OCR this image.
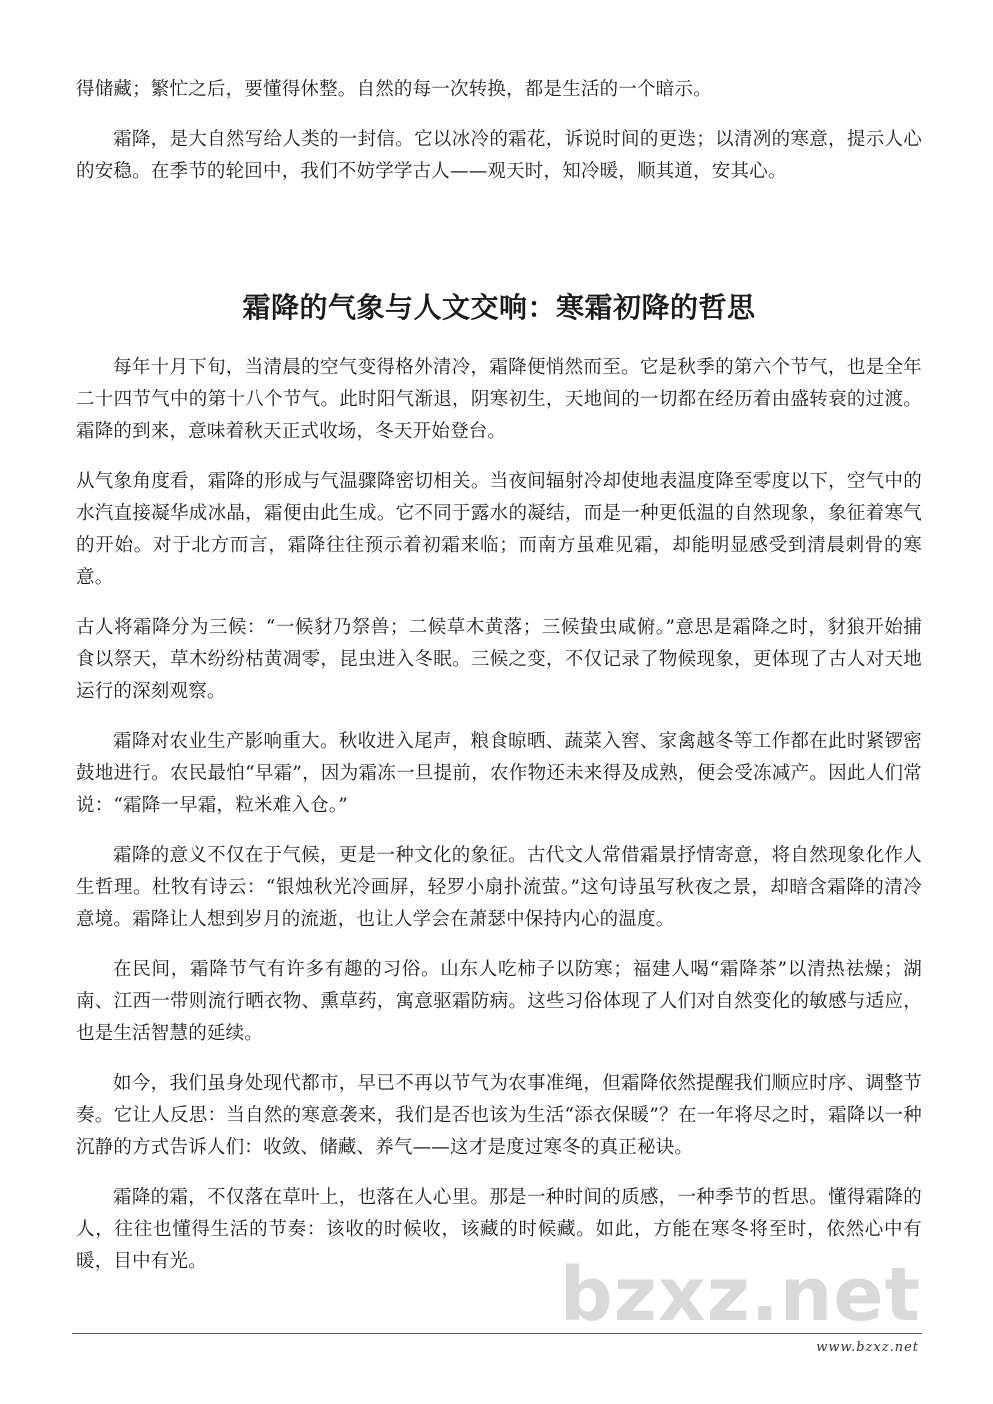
得储藏；繁忙之后，要懂得休整。自然的每一次转换，都是生活的一个暗示。

霜降，是大自然写给人类的一封信。它以冰冷的霜花，诉说时间的更迭；以清冽的寒意，提示人心的安稳。在季节的轮回中，我们不妨学学古人——观天时，知冷暖，顺其道，安其心。

霜降的气象与人文交响：寒霜初降的哲思

每年十月下旬，当清晨的空气变得格外清冷，霜降便悄然而至。它是秋季的第六个节气，也是全年二十四节气中的第十八个节气。此时阳气渐退，阴寒初生，天地间的一切都在经历着由盛转衰的过渡。霜降的到来，意味着秋天正式收场，冬天开始登台。

从气象角度看，霜降的形成与气温骤降密切相关。当夜间辐射冷却使地表温度降至零度以下，空气中的水汽直接凝华成冰晶，霜便由此生成。它不同于露水的凝结，而是一种更低温的自然现象，象征着寒气的开始。对于北方而言，霜降往往预示着初霜来临；而南方虽难见霜，却能明显感受到清晨刺骨的寒意。

古人将霜降分为三候：“一候豺乃祭兽；二候草木黄落；三候蛰虫咸俯。”意思是霜降之时，豺狼开始捕食以祭天，草木纷纷枯黄凋零，昆虫进入冬眠。三候之变，不仅记录了物候现象，更体现了古人对天地运行的深刻观察。

霜降对农业生产影响重大。秋收进入尾声，粮食晾晒、蔬菜入窖、家禽越冬等工作都在此时紧锣密鼓地进行。农民最怕“早霜”，因为霜冻一旦提前，农作物还未来得及成熟，便会受冻减产。因此人们常说：“霜降一早霜，粒米难入仓。”

霜降的意义不仅在于气候，更是一种文化的象征。古代文人常借霜景抒情寄意，将自然现象化作人生哲理。杜牧有诗云：“银烛秋光冷画屏，轻罗小扇扑流萤。”这句诗虽写秋夜之景，却暗含霜降的清冷意境。霜降让人想到岁月的流逝，也让人学会在萧瑟中保持内心的温度。

在民间，霜降节气有许多有趣的习俗。山东人吃柿子以防寒；福建人喝“霜降茶”以清热祛燥；湖南、江西一带则流行晒衣物、熏草药，寓意驱霜防病。这些习俗体现了人们对自然变化的敏感与适应，也是生活智慧的延续。

如今，我们虽身处现代都市，早已不再以节气为农事准绳，但霜降依然提醒我们顺应时序、调整节奏。它让人反思：当自然的寒意袭来，我们是否也该为生活“添衣保暖”？在一年将尽之时，霜降以一种沉静的方式告诉人们：收敛、储藏、养气——这才是度过寒冬的真正秘诀。

霜降的霜，不仅落在草叶上，也落在人心里。那是一种时间的质感，一种季节的哲思。懂得霜降的人，往往也懂得生活的节奏：该收的时候收，该藏的时候藏。如此，方能在寒冬将至时，依然心中有暖，目中有光。	bzxz.net
www.bzxz.net
